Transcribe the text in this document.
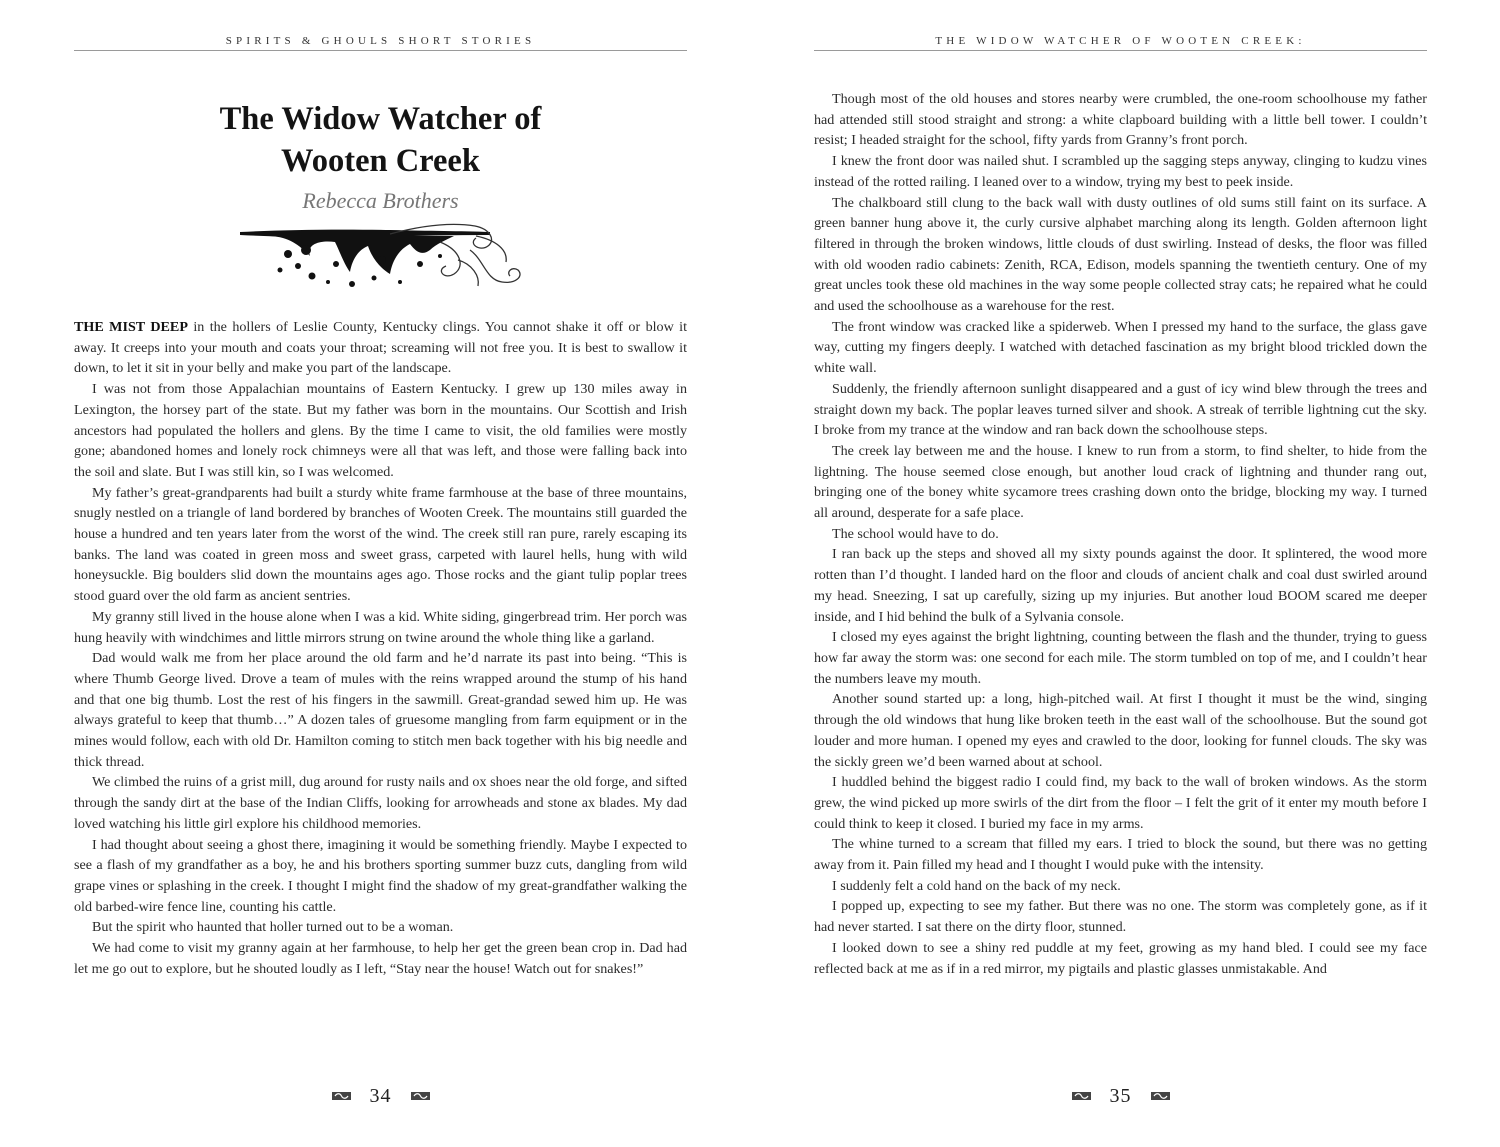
SPIRITS & GHOULS SHORT STORIES
The Widow Watcher of
Wooten Creek
Rebecca Brothers

THE MIST DEEP in the hollers of Leslie County, Kentucky clings. You cannot shake it off or blow it away. It creeps into your mouth and coats your throat; screaming will not free you. It is best to swallow it down, to let it sit in your belly and make you part of the landscape.

I was not from those Appalachian mountains of Eastern Kentucky. I grew up 130 miles away in Lexington, the horsey part of the state. But my father was born in the mountains. Our Scottish and Irish ancestors had populated the hollers and glens. By the time I came to visit, the old families were mostly gone; abandoned homes and lonely rock chimneys were all that was left, and those were falling back into the soil and slate. But I was still kin, so I was welcomed.

My father’s great-grandparents had built a sturdy white frame farmhouse at the base of three mountains, snugly nestled on a triangle of land bordered by branches of Wooten Creek. The mountains still guarded the house a hundred and ten years later from the worst of the wind. The creek still ran pure, rarely escaping its banks. The land was coated in green moss and sweet grass, carpeted with laurel hells, hung with wild honeysuckle. Big boulders slid down the mountains ages ago. Those rocks and the giant tulip poplar trees stood guard over the old farm as ancient sentries.

My granny still lived in the house alone when I was a kid. White siding, gingerbread trim. Her porch was hung heavily with windchimes and little mirrors strung on twine around the whole thing like a garland.

Dad would walk me from her place around the old farm and he’d narrate its past into being. “This is where Thumb George lived. Drove a team of mules with the reins wrapped around the stump of his hand and that one big thumb. Lost the rest of his fingers in the sawmill. Great-grandad sewed him up. He was always grateful to keep that thumb…” A dozen tales of gruesome mangling from farm equipment or in the mines would follow, each with old Dr. Hamilton coming to stitch men back together with his big needle and thick thread.

We climbed the ruins of a grist mill, dug around for rusty nails and ox shoes near the old forge, and sifted through the sandy dirt at the base of the Indian Cliffs, looking for arrowheads and stone ax blades. My dad loved watching his little girl explore his childhood memories.

I had thought about seeing a ghost there, imagining it would be something friendly. Maybe I expected to see a flash of my grandfather as a boy, he and his brothers sporting summer buzz cuts, dangling from wild grape vines or splashing in the creek. I thought I might find the shadow of my great-grandfather walking the old barbed-wire fence line, counting his cattle.

But the spirit who haunted that holler turned out to be a woman.

We had come to visit my granny again at her farmhouse, to help her get the green bean crop in. Dad had let me go out to explore, but he shouted loudly as I left, “Stay near the house! Watch out for snakes!”

34
THE WIDOW WATCHER OF WOOTEN CREEK:

Though most of the old houses and stores nearby were crumbled, the one-room schoolhouse my father had attended still stood straight and strong: a white clapboard building with a little bell tower. I couldn’t resist; I headed straight for the school, fifty yards from Granny’s front porch.

I knew the front door was nailed shut. I scrambled up the sagging steps anyway, clinging to kudzu vines instead of the rotted railing. I leaned over to a window, trying my best to peek inside.

The chalkboard still clung to the back wall with dusty outlines of old sums still faint on its surface. A green banner hung above it, the curly cursive alphabet marching along its length. Golden afternoon light filtered in through the broken windows, little clouds of dust swirling. Instead of desks, the floor was filled with old wooden radio cabinets: Zenith, RCA, Edison, models spanning the twentieth century. One of my great uncles took these old machines in the way some people collected stray cats; he repaired what he could and used the schoolhouse as a warehouse for the rest.

The front window was cracked like a spiderweb. When I pressed my hand to the surface, the glass gave way, cutting my fingers deeply. I watched with detached fascination as my bright blood trickled down the white wall.

Suddenly, the friendly afternoon sunlight disappeared and a gust of icy wind blew through the trees and straight down my back. The poplar leaves turned silver and shook. A streak of terrible lightning cut the sky. I broke from my trance at the window and ran back down the schoolhouse steps.

The creek lay between me and the house. I knew to run from a storm, to find shelter, to hide from the lightning. The house seemed close enough, but another loud crack of lightning and thunder rang out, bringing one of the boney white sycamore trees crashing down onto the bridge, blocking my way. I turned all around, desperate for a safe place.

The school would have to do.

I ran back up the steps and shoved all my sixty pounds against the door. It splintered, the wood more rotten than I’d thought. I landed hard on the floor and clouds of ancient chalk and coal dust swirled around my head. Sneezing, I sat up carefully, sizing up my injuries. But another loud BOOM scared me deeper inside, and I hid behind the bulk of a Sylvania console.

I closed my eyes against the bright lightning, counting between the flash and the thunder, trying to guess how far away the storm was: one second for each mile. The storm tumbled on top of me, and I couldn’t hear the numbers leave my mouth.

Another sound started up: a long, high-pitched wail. At first I thought it must be the wind, singing through the old windows that hung like broken teeth in the east wall of the schoolhouse. But the sound got louder and more human. I opened my eyes and crawled to the door, looking for funnel clouds. The sky was the sickly green we’d been warned about at school.

I huddled behind the biggest radio I could find, my back to the wall of broken windows. As the storm grew, the wind picked up more swirls of the dirt from the floor – I felt the grit of it enter my mouth before I could think to keep it closed. I buried my face in my arms.

The whine turned to a scream that filled my ears. I tried to block the sound, but there was no getting away from it. Pain filled my head and I thought I would puke with the intensity.

I suddenly felt a cold hand on the back of my neck.

I popped up, expecting to see my father. But there was no one. The storm was completely gone, as if it had never started. I sat there on the dirty floor, stunned.

I looked down to see a shiny red puddle at my feet, growing as my hand bled. I could see my face reflected back at me as if in a red mirror, my pigtails and plastic glasses unmistakable. And

35
